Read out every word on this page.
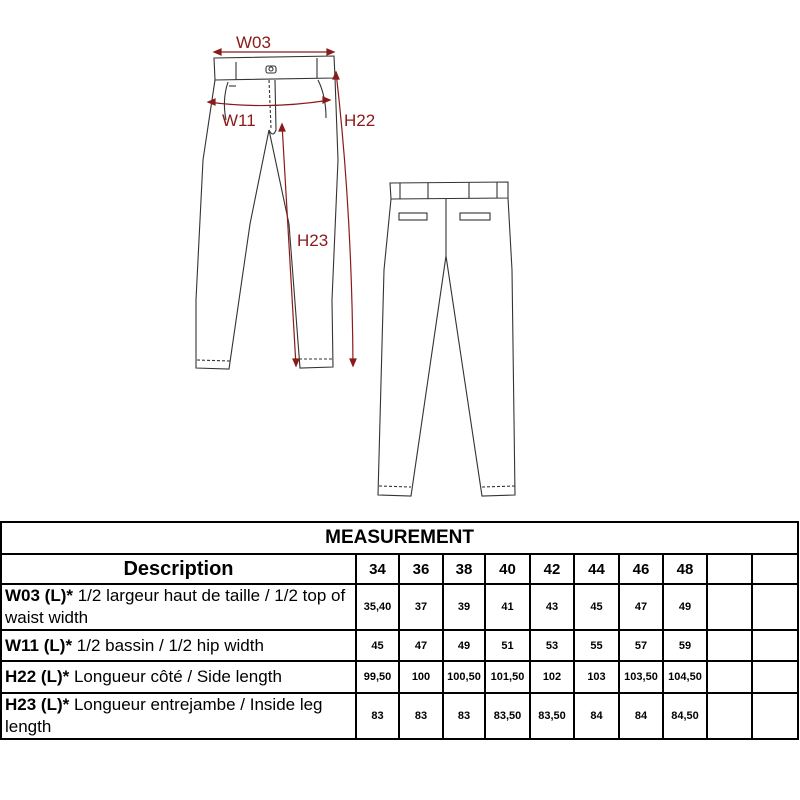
W03
W11	H22
H23
MEASUREMENT										
Description	34	36	38	40	42	44	46	48		
W03 (L)* 1/2 largeur haut de taille / 1/2 top of waist width	35,40	37	39	41	43	45	47	49		
W11 (L)* 1/2 bassin / 1/2 hip width	45	47	49	51	53	55	57	59		
H22 (L)* Longueur côté / Side length	99,50	100	100,50	101,50	102	103	103,50	104,50		
H23 (L)* Longueur entrejambe / Inside leg length	83	83	83	83,50	83,50	84	84	84,50		
